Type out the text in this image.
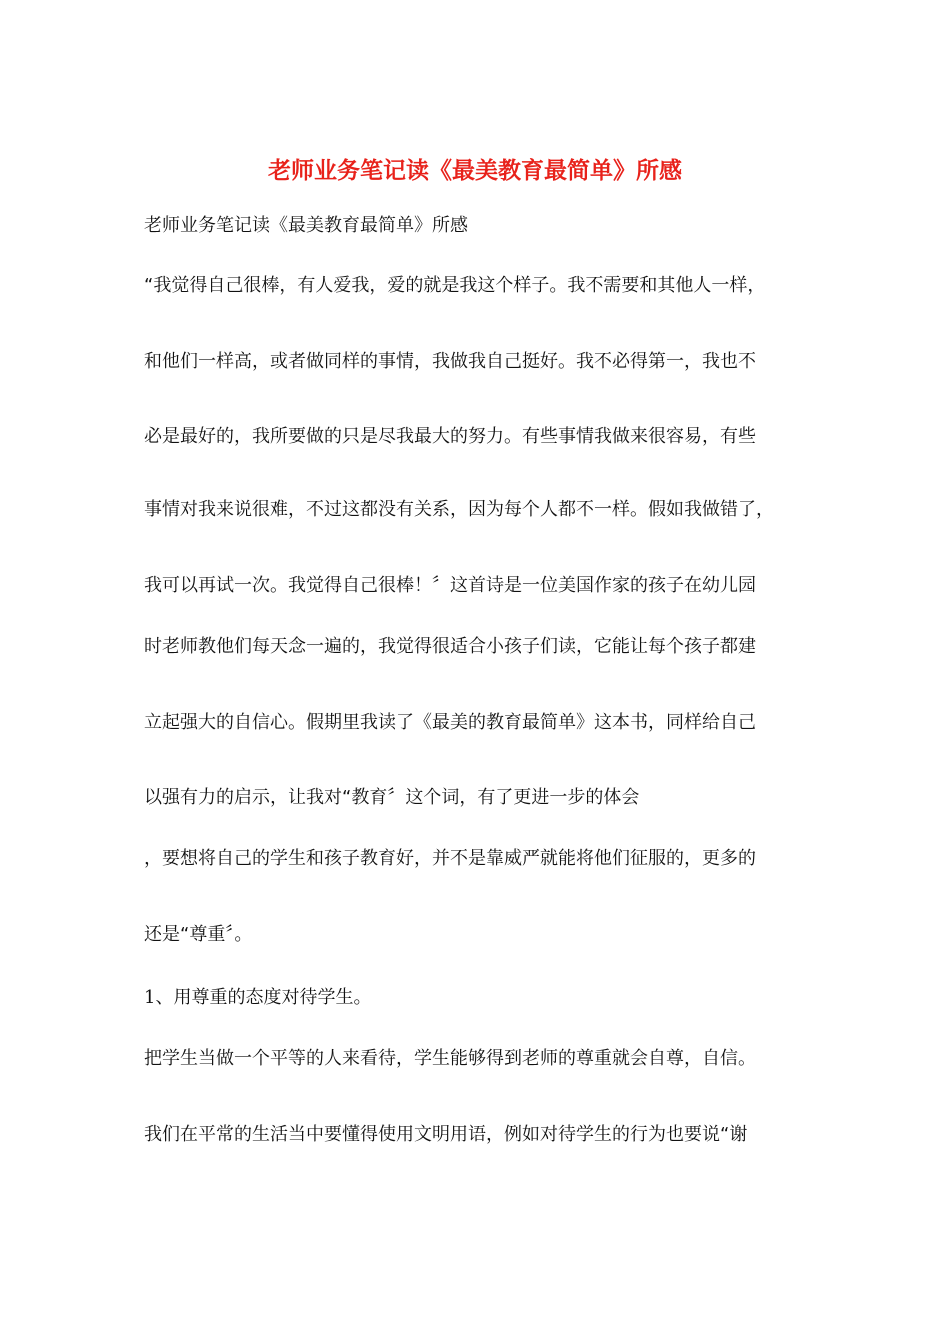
老师业务笔记读《最美教育最简单》所感
老师业务笔记读《最美教育最简单》所感
“我觉得自己很棒，有人爱我，爱的就是我这个样子。我不需要和其他人一样，
和他们一样高，或者做同样的事情，我做我自己挺好。我不必得第一，我也不
必是最好的，我所要做的只是尽我最大的努力。有些事情我做来很容易，有些
事情对我来说很难，不过这都没有关系，因为每个人都不一样。假如我做错了，
我可以再试一次。我觉得自己很棒！〞这首诗是一位美国作家的孩子在幼儿园
时老师教他们每天念一遍的，我觉得很适合小孩子们读，它能让每个孩子都建
立起强大的自信心。假期里我读了《最美的教育最简单》这本书，同样给自己
以强有力的启示，让我对“教育〞这个词，有了更进一步的体会
，要想将自己的学生和孩子教育好，并不是靠威严就能将他们征服的，更多的
还是“尊重〞。
1、用尊重的态度对待学生。
把学生当做一个平等的人来看待，学生能够得到老师的尊重就会自尊，自信。
我们在平常的生活当中要懂得使用文明用语，例如对待学生的行为也要说“谢
